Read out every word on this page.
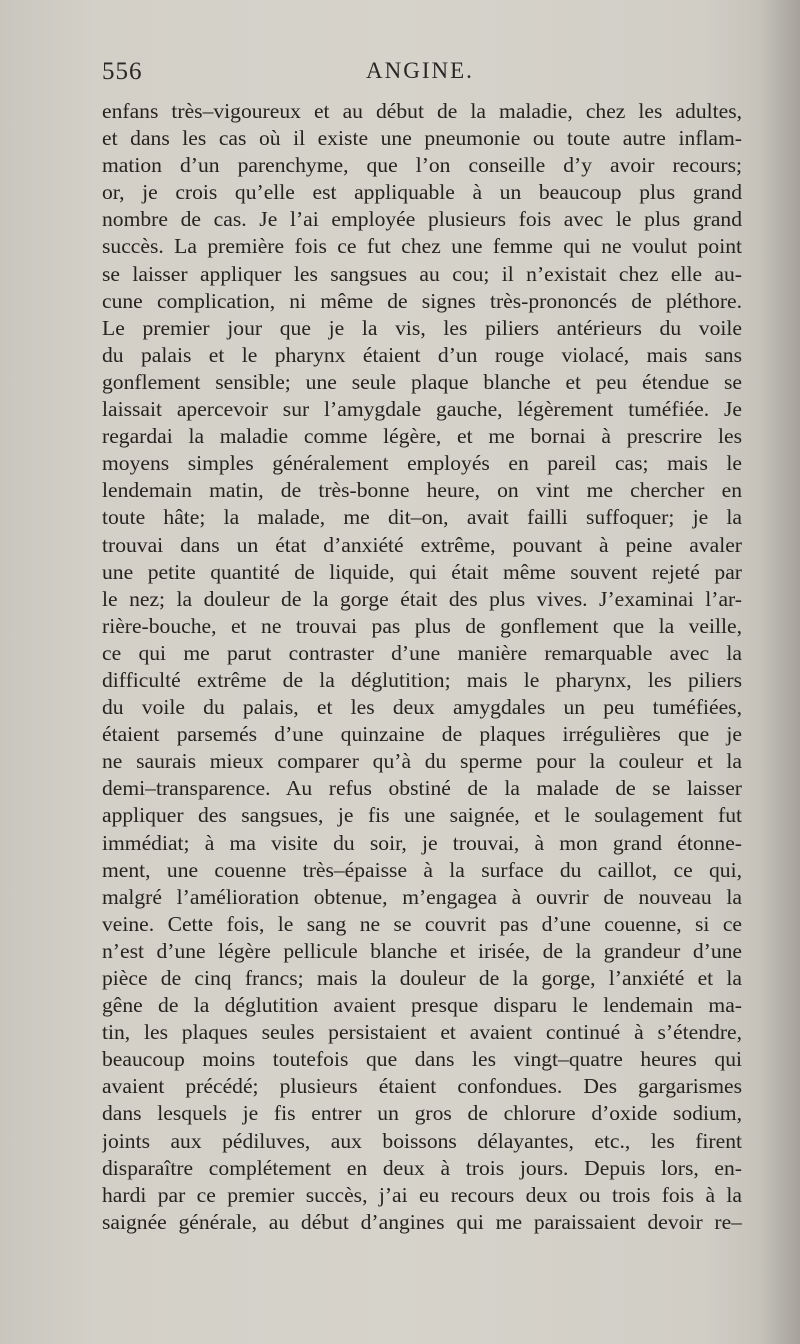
556	ANGINE.
enfans très–vigoureux et au début de la maladie, chez les adultes,
et dans les cas où il existe une pneumonie ou toute autre inflam-
mation d’un parenchyme, que l’on conseille d’y avoir recours;
or, je crois qu’elle est appliquable à un beaucoup plus grand
nombre de cas. Je l’ai employée plusieurs fois avec le plus grand
succès. La première fois ce fut chez une femme qui ne voulut point
se laisser appliquer les sangsues au cou; il n’existait chez elle au-
cune complication, ni même de signes très-prononcés de pléthore.
Le premier jour que je la vis, les piliers antérieurs du voile
du palais et le pharynx étaient d’un rouge violacé, mais sans
gonflement sensible; une seule plaque blanche et peu étendue se
laissait apercevoir sur l’amygdale gauche, légèrement tuméfiée. Je
regardai la maladie comme légère, et me bornai à prescrire les
moyens simples généralement employés en pareil cas; mais le
lendemain matin, de très-bonne heure, on vint me chercher en
toute hâte; la malade, me dit–on, avait failli suffoquer; je la
trouvai dans un état d’anxiété extrême, pouvant à peine avaler
une petite quantité de liquide, qui était même souvent rejeté par
le nez; la douleur de la gorge était des plus vives. J’examinai l’ar-
rière-bouche, et ne trouvai pas plus de gonflement que la veille,
ce qui me parut contraster d’une manière remarquable avec la
difficulté extrême de la déglutition; mais le pharynx, les piliers
du voile du palais, et les deux amygdales un peu tuméfiées,
étaient parsemés d’une quinzaine de plaques irrégulières que je
ne saurais mieux comparer qu’à du sperme pour la couleur et la
demi–transparence. Au refus obstiné de la malade de se laisser
appliquer des sangsues, je fis une saignée, et le soulagement fut
immédiat; à ma visite du soir, je trouvai, à mon grand étonne-
ment, une couenne très–épaisse à la surface du caillot, ce qui,
malgré l’amélioration obtenue, m’engagea à ouvrir de nouveau la
veine. Cette fois, le sang ne se couvrit pas d’une couenne, si ce
n’est d’une légère pellicule blanche et irisée, de la grandeur d’une
pièce de cinq francs; mais la douleur de la gorge, l’anxiété et la
gêne de la déglutition avaient presque disparu le lendemain ma-
tin, les plaques seules persistaient et avaient continué à s’étendre,
beaucoup moins toutefois que dans les vingt–quatre heures qui
avaient précédé; plusieurs étaient confondues. Des gargarismes
dans lesquels je fis entrer un gros de chlorure d’oxide sodium,
joints aux pédiluves, aux boissons délayantes, etc., les firent
disparaître complétement en deux à trois jours. Depuis lors, en-
hardi par ce premier succès, j’ai eu recours deux ou trois fois à la
saignée générale, au début d’angines qui me paraissaient devoir re–
